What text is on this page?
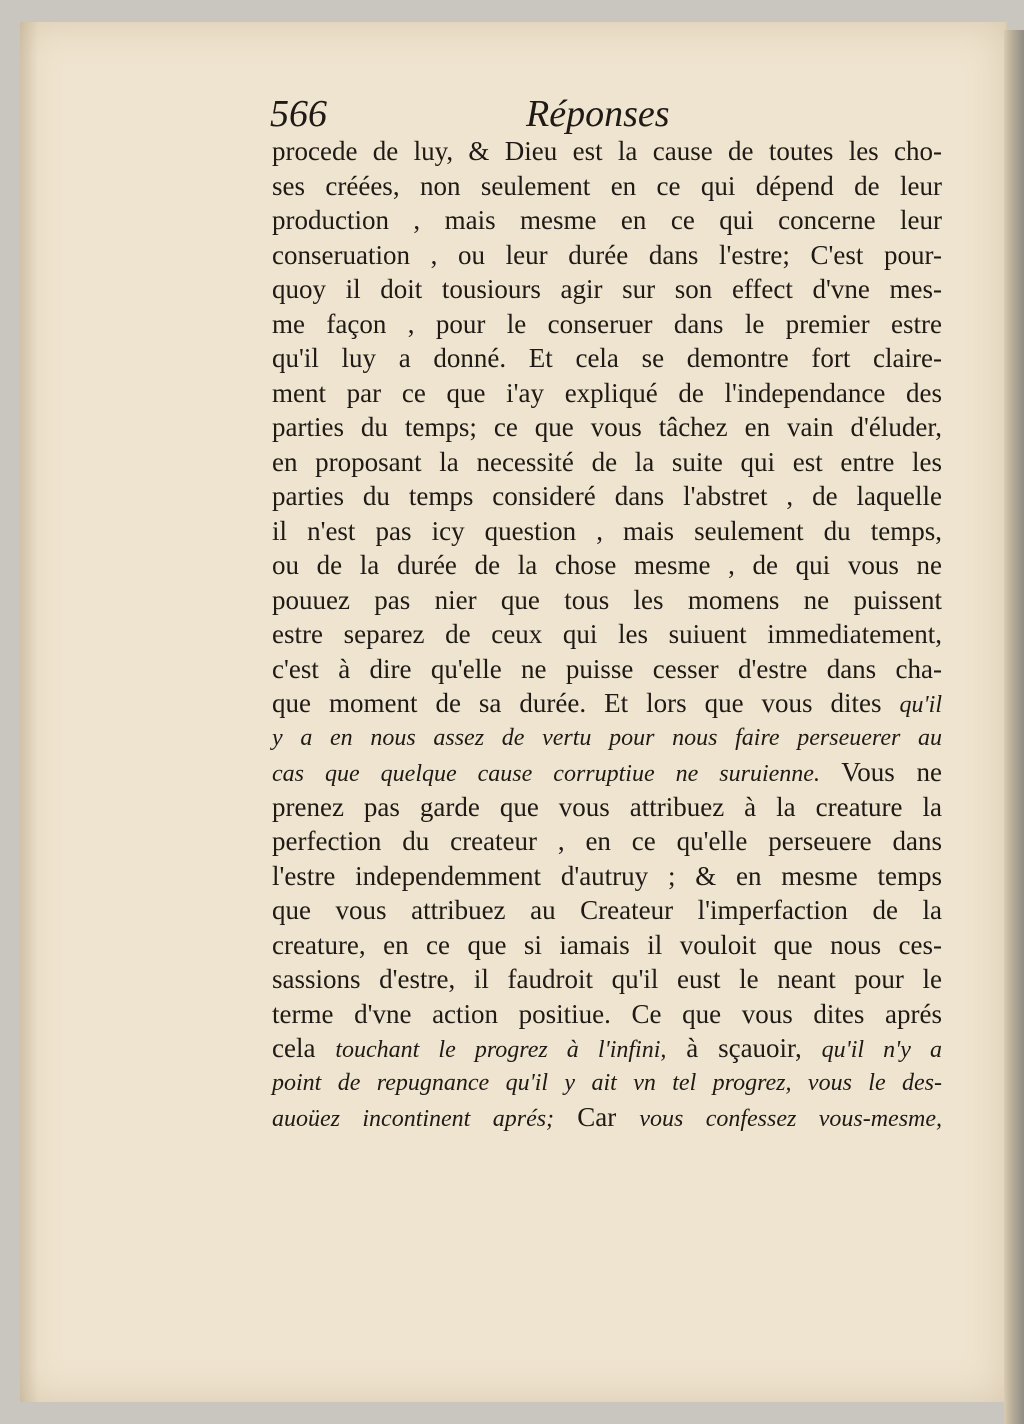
566	Réponses
procede de luy, & Dieu est la cause de toutes les cho-
ses créées, non seulement en ce qui dépend de leur
production , mais mesme en ce qui concerne leur
conseruation , ou leur durée dans l'estre; C'est pour-
quoy il doit tousiours agir sur son effect d'vne mes-
me façon , pour le conseruer dans le premier estre
qu'il luy a donné. Et cela se demontre fort claire-
ment par ce que i'ay expliqué de l'independance des
parties du temps; ce que vous tâchez en vain d'éluder,
en proposant la necessité de la suite qui est entre les
parties du temps consideré dans l'abstret , de laquelle
il n'est pas icy question , mais seulement du temps,
ou de la durée de la chose mesme , de qui vous ne
pouuez pas nier que tous les momens ne puissent
estre separez de ceux qui les suiuent immediatement,
c'est à dire qu'elle ne puisse cesser d'estre dans cha-
que moment de sa durée. Et lors que vous dites qu'il
y a en nous assez de vertu pour nous faire perseuerer au
cas que quelque cause corruptiue ne suruienne. Vous ne
prenez pas garde que vous attribuez à la creature la
perfection du createur , en ce qu'elle perseuere dans
l'estre independemment d'autruy ; & en mesme temps
que vous attribuez au Createur l'imperfaction de la
creature, en ce que si iamais il vouloit que nous ces-
sassions d'estre, il faudroit qu'il eust le neant pour le
terme d'vne action positiue. Ce que vous dites aprés
cela touchant le progrez à l'infini, à sçauoir, qu'il n'y a
point de repugnance qu'il y ait vn tel progrez, vous le des-
auoüez incontinent aprés; Car vous confessez vous-mesme,
